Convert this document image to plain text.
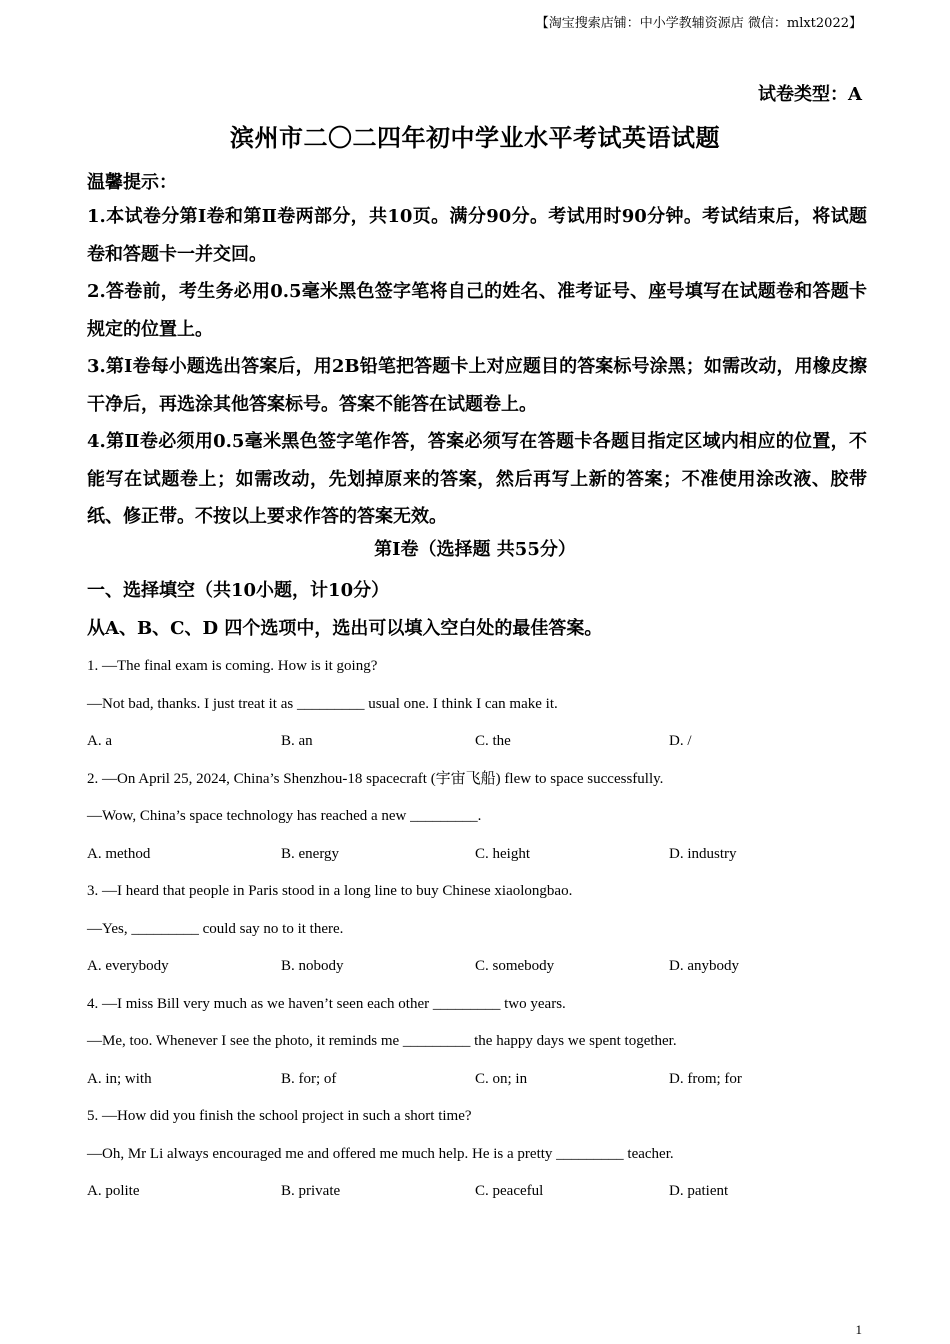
【淘宝搜索店铺：中小学教辅资源店 微信：mlxt2022】
试卷类型：A
滨州市二〇二四年初中学业水平考试英语试题
温馨提示：
1.本试卷分第Ⅰ卷和第Ⅱ卷两部分，共10页。满分90分。考试用时90分钟。考试结束后，将试题卷和答题卡一并交回。
2.答卷前，考生务必用0.5毫米黑色签字笔将自己的姓名、准考证号、座号填写在试题卷和答题卡规定的位置上。
3.第Ⅰ卷每小题选出答案后，用2B铅笔把答题卡上对应题目的答案标号涂黑；如需改动，用橡皮擦干净后，再选涂其他答案标号。答案不能答在试题卷上。
4.第Ⅱ卷必须用0.5毫米黑色签字笔作答，答案必须写在答题卡各题目指定区域内相应的位置，不能写在试题卷上；如需改动，先划掉原来的答案，然后再写上新的答案；不准使用涂改液、胶带纸、修正带。不按以上要求作答的答案无效。
第Ⅰ卷（选择题 共55分）
一、选择填空（共10小题，计10分）
从A、B、C、D 四个选项中，选出可以填入空白处的最佳答案。
1. —The final exam is coming. How is it going?
—Not bad, thanks. I just treat it as _________ usual one. I think I can make it.
A. a	B. an	C. the	D. /
2. —On April 25, 2024, China’s Shenzhou-18 spacecraft (宇宙飞船) flew to space successfully.
—Wow, China’s space technology has reached a new _________.
A. method	B. energy	C. height	D. industry
3. —I heard that people in Paris stood in a long line to buy Chinese xiaolongbao.
—Yes, _________ could say no to it there.
A. everybody	B. nobody	C. somebody	D. anybody
4. —I miss Bill very much as we haven’t seen each other _________ two years.
—Me, too. Whenever I see the photo, it reminds me _________ the happy days we spent together.
A. in; with	B. for; of	C. on; in	D. from; for
5. —How did you finish the school project in such a short time?
—Oh, Mr Li always encouraged me and offered me much help. He is a pretty _________ teacher.
A. polite	B. private	C. peaceful	D. patient
1
